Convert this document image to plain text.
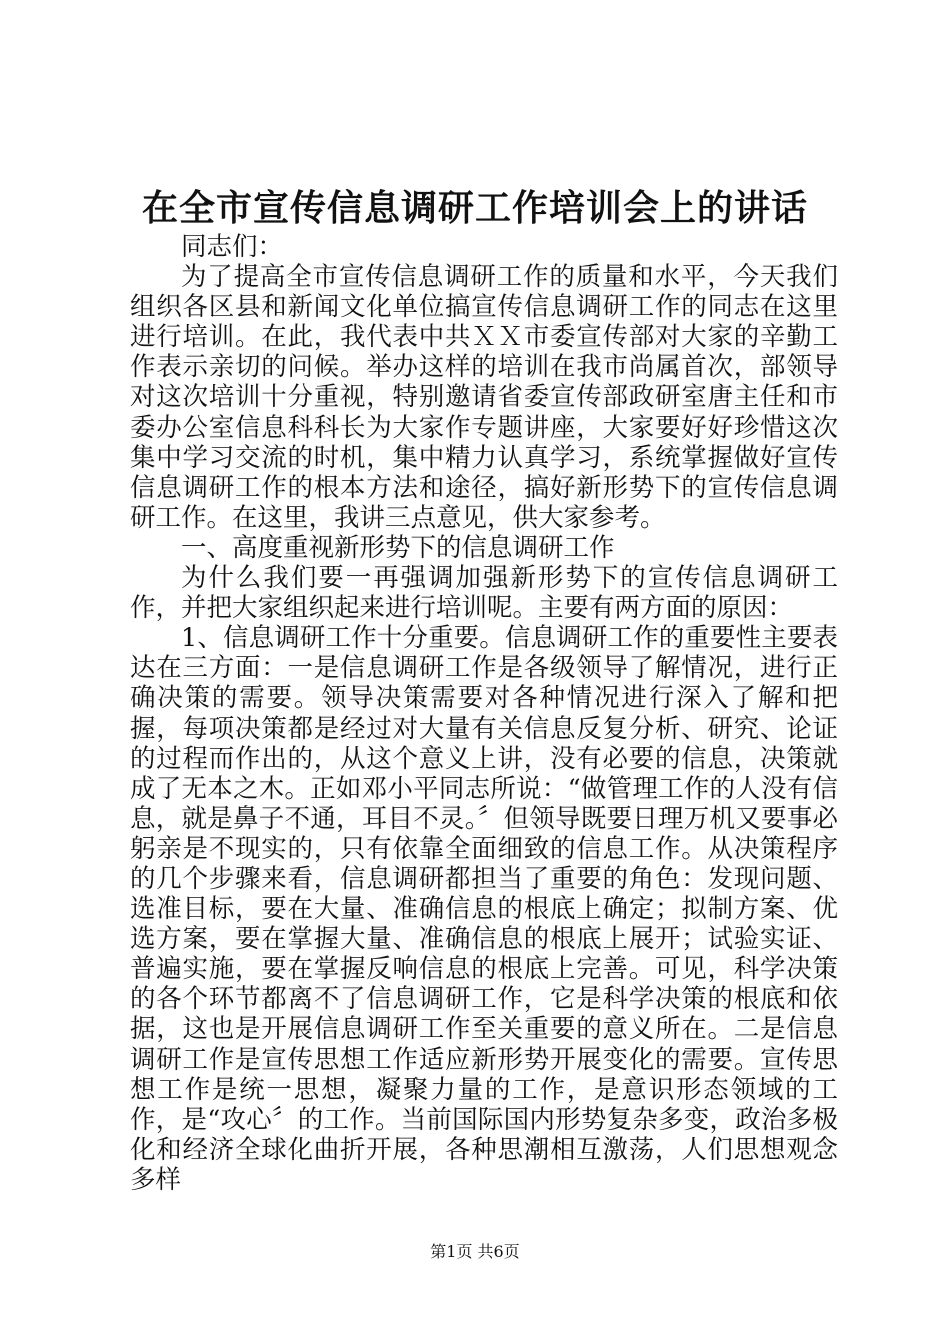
在全市宣传信息调研工作培训会上的讲话

同志们：

为了提高全市宣传信息调研工作的质量和水平，今天我们组织各区县和新闻文化单位搞宣传信息调研工作的同志在这里进行培训。在此，我代表中共ＸＸ市委宣传部对大家的辛勤工作表示亲切的问候。举办这样的培训在我市尚属首次，部领导对这次培训十分重视，特别邀请省委宣传部政研室唐主任和市委办公室信息科科长为大家作专题讲座，大家要好好珍惜这次集中学习交流的时机，集中精力认真学习，系统掌握做好宣传信息调研工作的根本方法和途径，搞好新形势下的宣传信息调研工作。在这里，我讲三点意见，供大家参考。

一、高度重视新形势下的信息调研工作

为什么我们要一再强调加强新形势下的宣传信息调研工作，并把大家组织起来进行培训呢。主要有两方面的原因：

1、信息调研工作十分重要。信息调研工作的重要性主要表达在三方面：一是信息调研工作是各级领导了解情况，进行正确决策的需要。领导决策需要对各种情况进行深入了解和把握，每项决策都是经过对大量有关信息反复分析、研究、论证的过程而作出的，从这个意义上讲，没有必要的信息，决策就成了无本之木。正如邓小平同志所说：“做管理工作的人没有信息，就是鼻子不通，耳目不灵。〞但领导既要日理万机又要事必躬亲是不现实的，只有依靠全面细致的信息工作。从决策程序的几个步骤来看，信息调研都担当了重要的角色：发现问题、选准目标，要在大量、准确信息的根底上确定；拟制方案、优选方案，要在掌握大量、准确信息的根底上展开；试验实证、普遍实施，要在掌握反响信息的根底上完善。可见，科学决策的各个环节都离不了信息调研工作，它是科学决策的根底和依据，这也是开展信息调研工作至关重要的意义所在。二是信息调研工作是宣传思想工作适应新形势开展变化的需要。宣传思想工作是统一思想，凝聚力量的工作，是意识形态领域的工作，是“攻心〞的工作。当前国际国内形势复杂多变，政治多极化和经济全球化曲折开展，各种思潮相互激荡，人们思想观念多样

第1页 共6页
